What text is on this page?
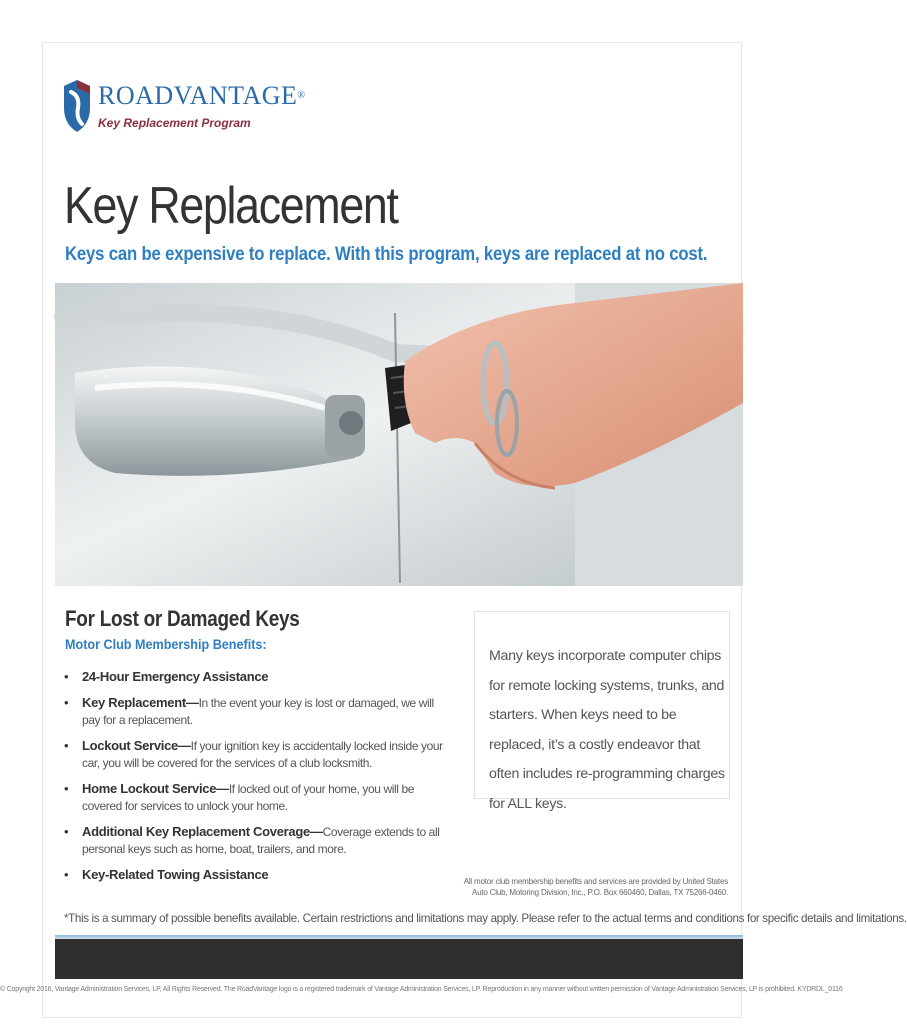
ROADVANTAGE®
Key Replacement Program
Key Replacement
Keys can be expensive to replace. With this program, keys are replaced at no cost.
For Lost or Damaged Keys
Motor Club Membership Benefits:
• 24-Hour Emergency Assistance
• Key Replacement—In the event your key is lost or damaged, we will pay for a replacement.
• Lockout Service—If your ignition key is accidentally locked inside your car, you will be covered for the services of a club locksmith.
• Home Lockout Service—If locked out of your home, you will be covered for services to unlock your home.
• Additional Key Replacement Coverage—Coverage extends to all personal keys such as home, boat, trailers, and more.
• Key-Related Towing Assistance
Many keys incorporate computer chips for remote locking systems, trunks, and starters. When keys need to be replaced, it’s a costly endeavor that often includes re-programming charges for ALL keys.
All motor club membership benefits and services are provided by United States Auto Club, Motoring Division, Inc., P.O. Box 660460, Dallas, TX 75266-0460.
*This is a summary of possible benefits available. Certain restrictions and limitations may apply. Please refer to the actual terms and conditions for specific details and limitations.
© Copyright 2016, Vantage Administration Services, LP, All Rights Reserved. The RoadVantage logo is a registered trademark of Vantage Administration Services, LP. Reproduction in any manner without written permission of Vantage Administration Services, LP is prohibited. KYDRDL_0116
